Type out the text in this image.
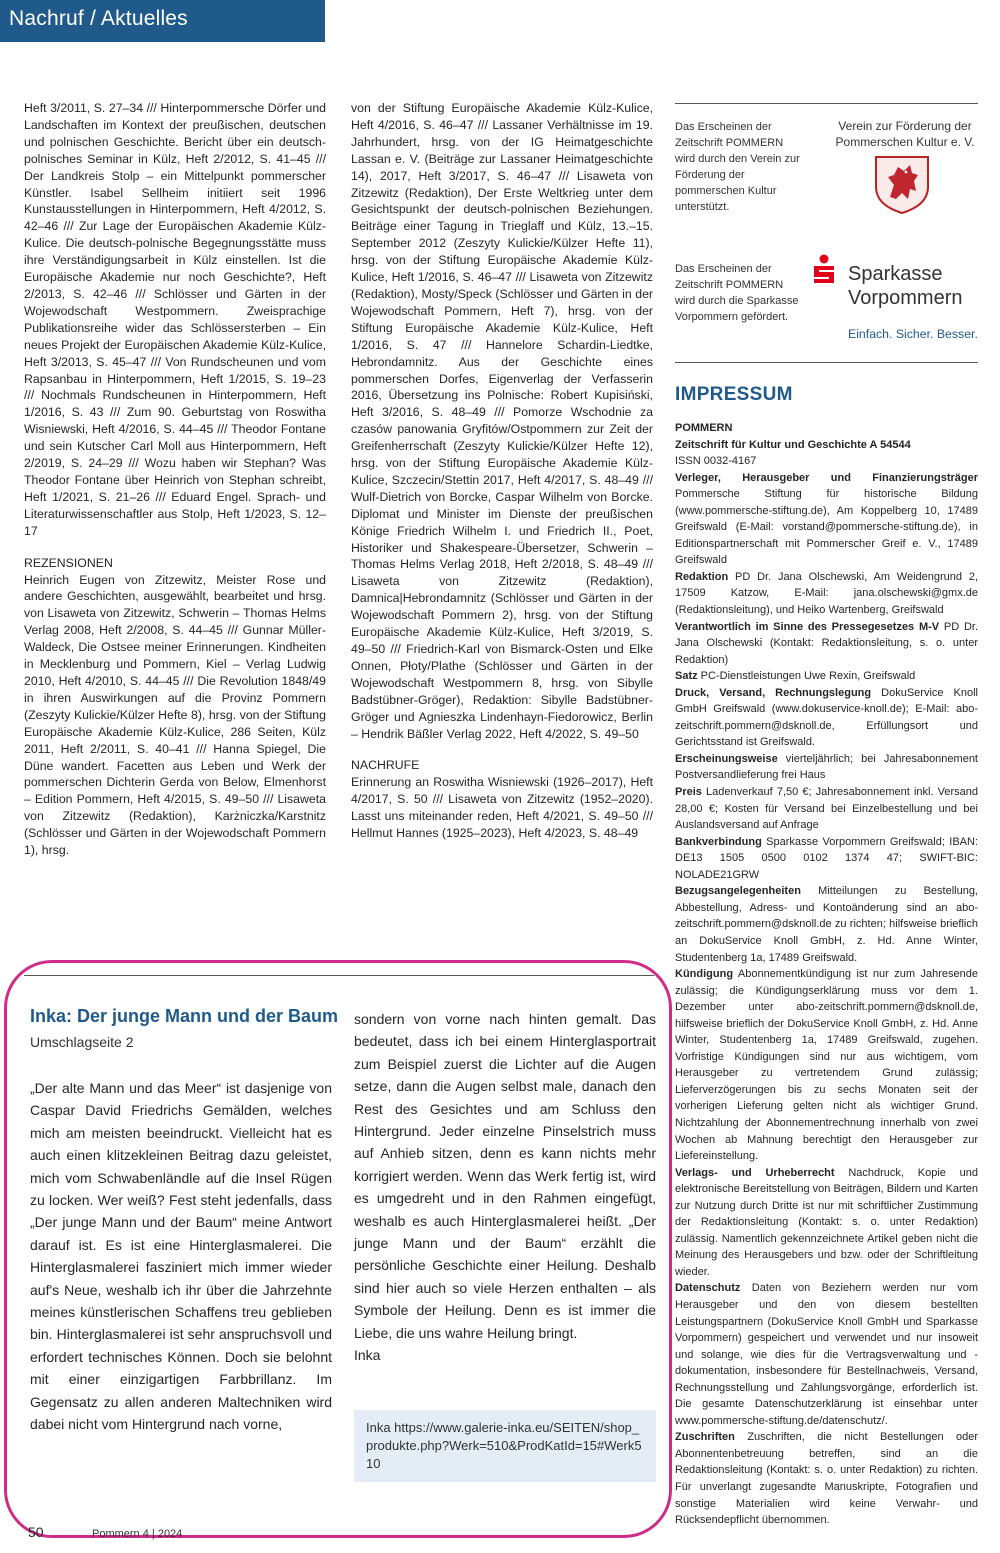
Nachruf / Aktuelles

Heft 3/2011, S. 27–34 /// Hinterpommersche Dörfer und Landschaften im Kontext der preußischen, deutschen und polnischen Geschichte. Bericht über ein deutsch-polnisches Seminar in Külz, Heft 2/2012, S. 41–45 /// Der Landkreis Stolp – ein Mittelpunkt pommerscher Künstler. Isabel Sellheim initiiert seit 1996 Kunstausstellungen in Hinterpommern, Heft 4/2012, S. 42–46 /// Zur Lage der Europäischen Akademie Külz-Kulice. Die deutsch-polnische Begegnungsstätte muss ihre Verständigungsarbeit in Külz einstellen. Ist die Europäische Akademie nur noch Geschichte?, Heft 2/2013, S. 42–46 /// Schlösser und Gärten in der Wojewodschaft Westpommern. Zweisprachige Publikationsreihe wider das Schlössersterben – Ein neues Projekt der Europäischen Akademie Külz-Kulice, Heft 3/2013, S. 45–47 /// Von Rundscheunen und vom Rapsanbau in Hinterpommern, Heft 1/2015, S. 19–23 /// Nochmals Rundscheunen in Hinterpommern, Heft 1/2016, S. 43 /// Zum 90. Geburtstag von Roswitha Wisniewski, Heft 4/2016, S. 44–45 /// Theodor Fontane und sein Kutscher Carl Moll aus Hinterpommern, Heft 2/2019, S. 24–29 /// Wozu haben wir Stephan? Was Theodor Fontane über Heinrich von Stephan schreibt, Heft 1/2021, S. 21–26 /// Eduard Engel. Sprach- und Literaturwissenschaftler aus Stolp, Heft 1/2023, S. 12–17

REZENSIONEN

Heinrich Eugen von Zitzewitz, Meister Rose und andere Geschichten, ausgewählt, bearbeitet und hrsg. von Lisaweta von Zitzewitz, Schwerin – Thomas Helms Verlag 2008, Heft 2/2008, S. 44–45 /// Gunnar Müller-Waldeck, Die Ostsee meiner Erinnerungen. Kindheiten in Mecklenburg und Pommern, Kiel – Verlag Ludwig 2010, Heft 4/2010, S. 44–45 /// Die Revolution 1848/49 in ihren Auswirkungen auf die Provinz Pommern (Zeszyty Kulickie/Külzer Hefte 8), hrsg. von der Stiftung Europäische Akademie Külz-Kulice, 286 Seiten, Külz 2011, Heft 2/2011, S. 40–41 /// Hanna Spiegel, Die Düne wandert. Facetten aus Leben und Werk der pommerschen Dichterin Gerda von Below, Elmenhorst – Edition Pommern, Heft 4/2015, S. 49–50 /// Lisaweta von Zitzewitz (Redaktion), Karżniczka/Karstnitz (Schlösser und Gärten in der Wojewodschaft Pommern 1), hrsg.

von der Stiftung Europäische Akademie Külz-Kulice, Heft 4/2016, S. 46–47 /// Lassaner Verhältnisse im 19. Jahrhundert, hrsg. von der IG Heimatgeschichte Lassan e. V. (Beiträge zur Lassaner Heimatgeschichte 14), 2017, Heft 3/2017, S. 46–47 /// Lisaweta von Zitzewitz (Redaktion), Der Erste Weltkrieg unter dem Gesichtspunkt der deutsch-polnischen Beziehungen. Beiträge einer Tagung in Trieglaff und Külz, 13.–15. September 2012 (Zeszyty Kulickie/Külzer Hefte 11), hrsg. von der Stiftung Europäische Akademie Külz-Kulice, Heft 1/2016, S. 46–47 /// Lisaweta von Zitzewitz (Redaktion), Mosty/Speck (Schlösser und Gärten in der Wojewodschaft Pommern, Heft 7), hrsg. von der Stiftung Europäische Akademie Külz-Kulice, Heft 1/2016, S. 47 /// Hannelore Schardin-Liedtke, Hebrondamnitz. Aus der Geschichte eines pommerschen Dorfes, Eigenverlag der Verfasserin 2016, Übersetzung ins Polnische: Robert Kupisiński, Heft 3/2016, S. 48–49 /// Pomorze Wschodnie za czasów panowania Gryfitów/Ostpommern zur Zeit der Greifenherrschaft (Zeszyty Kulickie/Külzer Hefte 12), hrsg. von der Stiftung Europäische Akademie Külz-Kulice, Szczecin/Stettin 2017, Heft 4/2017, S. 48–49 /// Wulf-Dietrich von Borcke, Caspar Wilhelm von Borcke. Diplomat und Minister im Dienste der preußischen Könige Friedrich Wilhelm I. und Friedrich II., Poet, Historiker und Shakespeare-Übersetzer, Schwerin – Thomas Helms Verlag 2018, Heft 2/2018, S. 48–49 /// Lisaweta von Zitzewitz (Redaktion), Damnica|Hebrondamnitz (Schlösser und Gärten in der Wojewodschaft Pommern 2), hrsg. von der Stiftung Europäische Akademie Külz-Kulice, Heft 3/2019, S. 49–50 /// Friedrich-Karl von Bismarck-Osten und Elke Onnen, Płoty/Plathe (Schlösser und Gärten in der Wojewodschaft Westpommern 8, hrsg. von Sibylle Badstübner-Gröger), Redaktion: Sibylle Badstübner-Gröger und Agnieszka Lindenhayn-Fiedorowicz, Berlin – Hendrik Bäßler Verlag 2022, Heft 4/2022, S. 49–50

NACHRUFE

Erinnerung an Roswitha Wisniewski (1926–2017), Heft 4/2017, S. 50 /// Lisaweta von Zitzewitz (1952–2020). Lasst uns miteinander reden, Heft 4/2021, S. 49–50 /// Hellmut Hannes (1925–2023), Heft 4/2023, S. 48–49

Das Erscheinen der Zeitschrift POMMERN wird durch den Verein zur Förderung der pommerschen Kultur unterstützt.
Verein zur Förderung der Pommerschen Kultur e. V.
Das Erscheinen der Zeitschrift POMMERN wird durch die Sparkasse Vorpommern gefördert.
Sparkasse
Vorpommern
Einfach. Sicher. Besser.
IMPRESSUM

POMMERN

Zeitschrift für Kultur und Geschichte A 54544

ISSN 0032-4167

Verleger, Herausgeber und Finanzierungsträger Pommersche Stiftung für historische Bildung (www.pommersche-stiftung.de), Am Koppelberg 10, 17489 Greifswald (E-Mail: vorstand@pommersche-stiftung.de), in Editionspartnerschaft mit Pommerscher Greif e. V., 17489 Greifswald

Redaktion PD Dr. Jana Olschewski, Am Weidengrund 2, 17509 Katzow, E-Mail: jana.olschewski@gmx.de (Redaktionsleitung), und Heiko Wartenberg, Greifswald

Verantwortlich im Sinne des Pressegesetzes M-V PD Dr. Jana Olschewski (Kontakt: Redaktionsleitung, s. o. unter Redaktion)

Satz PC-Dienstleistungen Uwe Rexin, Greifswald

Druck, Versand, Rechnungslegung DokuService Knoll GmbH Greifswald (www.dokuservice-knoll.de); E-Mail: abo-zeitschrift.pommern@dsknoll.de, Erfüllungsort und Gerichtsstand ist Greifswald.

Erscheinungsweise vierteljährlich; bei Jahresabonnement Postversandlieferung frei Haus

Preis Ladenverkauf 7,50 €; Jahresabonnement inkl. Versand 28,00 €; Kosten für Versand bei Einzelbestellung und bei Auslandsversand auf Anfrage

Bankverbindung Sparkasse Vorpommern Greifswald; IBAN: DE13 1505 0500 0102 1374 47; SWIFT-BIC: NOLADE21GRW

Bezugsangelegenheiten Mitteilungen zu Bestellung, Abbestellung, Adress- und Kontoänderung sind an abo-zeitschrift.pommern@dsknoll.de zu richten; hilfsweise brieflich an DokuService Knoll GmbH, z. Hd. Anne Winter, Studentenberg 1a, 17489 Greifswald.

Kündigung Abonnementkündigung ist nur zum Jahresende zulässig; die Kündigungserklärung muss vor dem 1. Dezember unter abo-zeitschrift.pommern@dsknoll.de, hilfsweise brieflich der DokuService Knoll GmbH, z. Hd. Anne Winter, Studentenberg 1a, 17489 Greifswald, zugehen. Vorfristige Kündigungen sind nur aus wichtigem, vom Herausgeber zu vertretendem Grund zulässig; Lieferverzögerungen bis zu sechs Monaten seit der vorherigen Lieferung gelten nicht als wichtiger Grund. Nichtzahlung der Abonnementrechnung innerhalb von zwei Wochen ab Mahnung berechtigt den Herausgeber zur Liefereinstellung.

Verlags- und Urheberrecht Nachdruck, Kopie und elektronische Bereitstellung von Beiträgen, Bildern und Karten zur Nutzung durch Dritte ist nur mit schriftlicher Zustimmung der Redaktionsleitung (Kontakt: s. o. unter Redaktion) zulässig. Namentlich gekennzeichnete Artikel geben nicht die Meinung des Herausgebers und bzw. oder der Schriftleitung wieder.

Datenschutz Daten von Beziehern werden nur vom Herausgeber und den von diesem bestellten Leistungspartnern (DokuService Knoll GmbH und Sparkasse Vorpommern) gespeichert und verwendet und nur insoweit und solange, wie dies für die Vertragsverwaltung und -dokumentation, insbesondere für Bestellnachweis, Versand, Rechnungsstellung und Zahlungsvorgänge, erforderlich ist. Die gesamte Datenschutzerklärung ist einsehbar unter www.pommersche-stiftung.de/datenschutz/.

Zuschriften Zuschriften, die nicht Bestellungen oder Abonnentenbetreuung betreffen, sind an die Redaktionsleitung (Kontakt: s. o. unter Redaktion) zu richten. Für unverlangt zugesandte Manuskripte, Fotografien und sonstige Materialien wird keine Verwahr- und Rücksendepflicht übernommen.

Inka: Der junge Mann und der Baum
Umschlagseite 2
„Der alte Mann und das Meer“ ist dasjenige von Caspar David Friedrichs Gemälden, welches mich am meisten beeindruckt. Vielleicht hat es auch einen klitzekleinen Beitrag dazu geleistet, mich vom Schwabenländle auf die Insel Rügen zu locken. Wer weiß? Fest steht jedenfalls, dass „Der junge Mann und der Baum“ meine Antwort darauf ist. Es ist eine Hinterglasmalerei. Die Hinterglasmalerei fasziniert mich immer wieder auf's Neue, weshalb ich ihr über die Jahrzehnte meines künstlerischen Schaffens treu geblieben bin. Hinterglasmalerei ist sehr anspruchsvoll und erfordert technisches Können. Doch sie belohnt mit einer einzigartigen Farbbrillanz. Im Gegensatz zu allen anderen Maltechniken wird dabei nicht vom Hintergrund nach vorne,
sondern von vorne nach hinten gemalt. Das bedeutet, dass ich bei einem Hinterglasportrait zum Beispiel zuerst die Lichter auf die Augen setze, dann die Augen selbst male, danach den Rest des Gesichtes und am Schluss den Hintergrund. Jeder einzelne Pinselstrich muss auf Anhieb sitzen, denn es kann nichts mehr korrigiert werden. Wenn das Werk fertig ist, wird es umgedreht und in den Rahmen eingefügt, weshalb es auch Hinterglasmalerei heißt. „Der junge Mann und der Baum“ erzählt die persönliche Geschichte einer Heilung. Deshalb sind hier auch so viele Herzen enthalten – als Symbole der Heilung. Denn es ist immer die Liebe, die uns wahre Heilung bringt.
Inka
Inka https://www.galerie-inka.eu/SEITEN/shop_produkte.php?Werk=510&ProdKatId=15#Werk510
50	Pommern 4 | 2024
